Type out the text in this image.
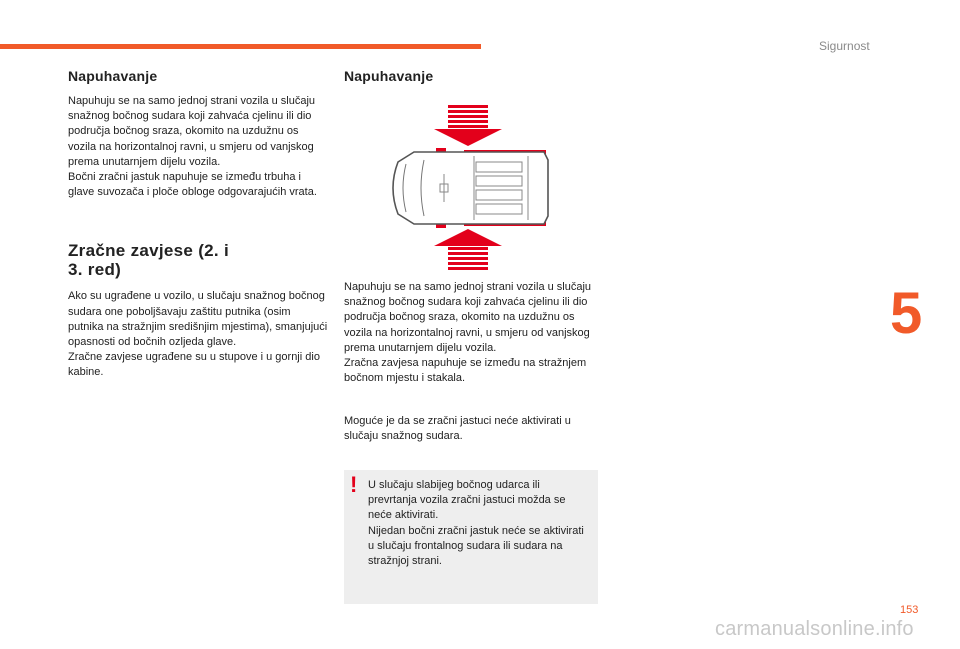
Sigurnost
5
Napuhavanje

Napuhuju se na samo jednoj strani vozila u slučaju snažnog bočnog sudara koji zahvaća cjelinu ili dio područja bočnog sraza, okomito na uzdužnu os vozila na horizontalnoj ravni, u smjeru od vanjskog prema unutarnjem dijelu vozila.
Bočni zračni jastuk napuhuje se između trbuha i glave suvozača i ploče obloge odgovarajućih vrata.

Zračne zavjese (2. i
3. red)

Ako su ugrađene u vozilo, u slučaju snažnog bočnog sudara one poboljšavaju zaštitu putnika (osim putnika na stražnjim središnjim mjestima), smanjujući opasnosti od bočnih ozljeda glave.
Zračne zavjese ugrađene su u stupove i u gornji dio kabine.

Napuhavanje

Napuhuju se na samo jednoj strani vozila u slučaju snažnog bočnog sudara koji zahvaća cjelinu ili dio područja bočnog sraza, okomito na uzdužnu os vozila na horizontalnoj ravni, u smjeru od vanjskog prema unutarnjem dijelu vozila.
Zračna zavjesa napuhuje se između na stražnjem bočnom mjestu i stakala.

Moguće je da se zračni jastuci neće aktivirati u slučaju snažnog sudara.

! U slučaju slabijeg bočnog udarca ili prevrtanja vozila zračni jastuci možda se neće aktivirati.
Nijedan bočni zračni jastuk neće se aktivirati u slučaju frontalnog sudara ili sudara na stražnjoj strani.

153
carmanualsonline.info
